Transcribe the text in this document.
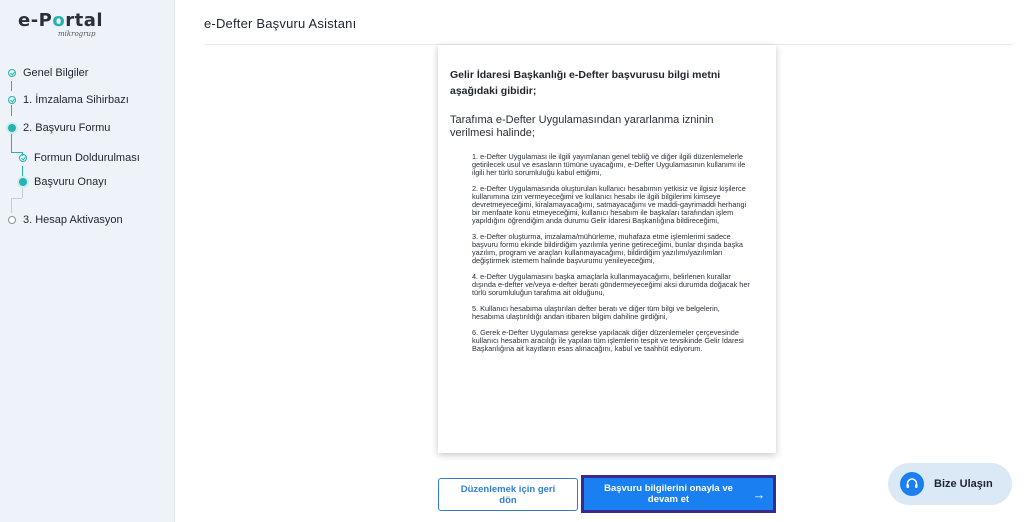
e-Portal
mikrogrup
Genel Bilgiler
1. İmzalama Sihirbazı
2. Başvuru Formu
Formun Doldurulması
Başvuru Onayı
3. Hesap Aktivasyon
e-Defter Başvuru Asistanı
Gelir İdaresi Başkanlığı e-Defter başvurusu bilgi metni aşağıdaki gibidir;
Tarafıma e-Defter Uygulamasından yararlanma izninin verilmesi halinde;

1. e-Defter Uygulaması ile ilgili yayımlanan genel tebliğ ve diğer ilgili düzenlemelerle getirilecek usul ve esasların tümüne uyacağımı, e-Defter Uygulamasının kullanımı ile ilgili her türlü sorumluluğu kabul ettiğimi,

2. e-Defter Uygulamasında oluşturulan kullanıcı hesabımın yetkisiz ve ilgisiz kişilerce kullanımına izin vermeyeceğimi ve kullanıcı hesabı ile ilgili bilgilerimi kimseye devretmeyeceğimi, kiralamayacağımı, satmayacağımı ve maddi-gayrimaddi herhangi bir menfaate konu etmeyeceğimi, kullanıcı hesabım ile başkaları tarafından işlem yapıldığını öğrendiğim anda durumu Gelir İdaresi Başkanlığına bildireceğimi,

3. e-Defter oluşturma, imzalama/mühürleme, muhafaza etme işlemlerimi sadece başvuru formu ekinde bildirdiğim yazılımla yerine getireceğimi, bunlar dışında başka yazılım, program ve araçları kullanmayacağımı, bildirdiğim yazılımı/yazılımları değiştirmek istemem halinde başvurumu yenileyeceğimi,

4. e-Defter Uygulamasını başka amaçlarla kullanmayacağımı, belirlenen kurallar dışında e-defter ve/veya e-defter beratı göndermeyeceğimi aksi durumda doğacak her türlü sorumluluğun tarafıma ait olduğunu,

5. Kullanıcı hesabıma ulaştırılan defter beratı ve diğer tüm bilgi ve belgelerin, hesabıma ulaştırıldığı andan itibaren bilgim dahiline girdiğini,

6. Gerek e-Defter Uygulaması gerekse yapılacak diğer düzenlemeler çerçevesinde kullanıcı hesabım aracılığı ile yapılan tüm işlemlerin tespit ve tevsikinde Gelir İdaresi Başkanlığına ait kayıtların esas alınacağını, kabul ve taahhüt ediyorum.

Düzenlemek için geri dön
Başvuru bilgilerini onayla ve devam et	→
Bize Ulaşın
